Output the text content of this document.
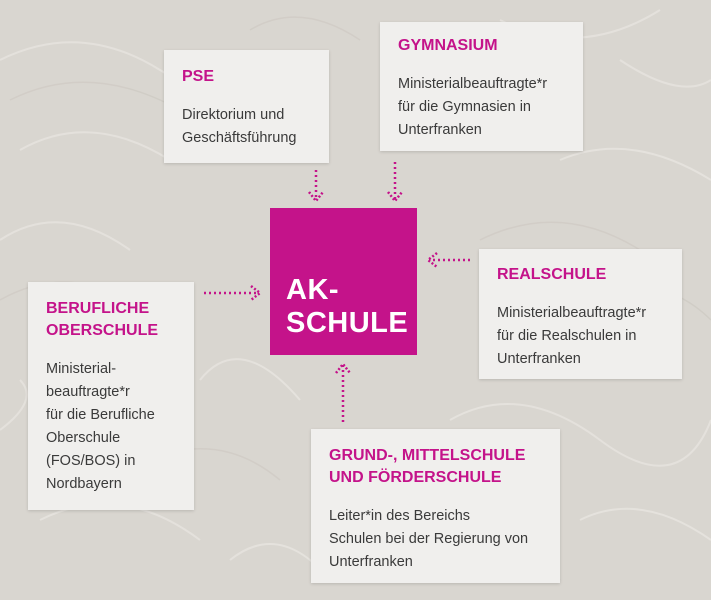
AK-
SCHULE
PSE
Direktorium und
Geschäftsführung
GYMNASIUM
Ministerialbeauftragte*r
für die Gymnasien in
Unterfranken
REALSCHULE
Ministerialbeauftragte*r
für die Realschulen in
Unterfranken
BERUFLICHE
OBERSCHULE
Ministerial-
beauftragte*r
für die Berufliche
Oberschule
(FOS/BOS) in
Nordbayern
GRUND-, MITTELSCHULE
UND FÖRDERSCHULE
Leiter*in des Bereichs
Schulen bei der Regierung von
Unterfranken
